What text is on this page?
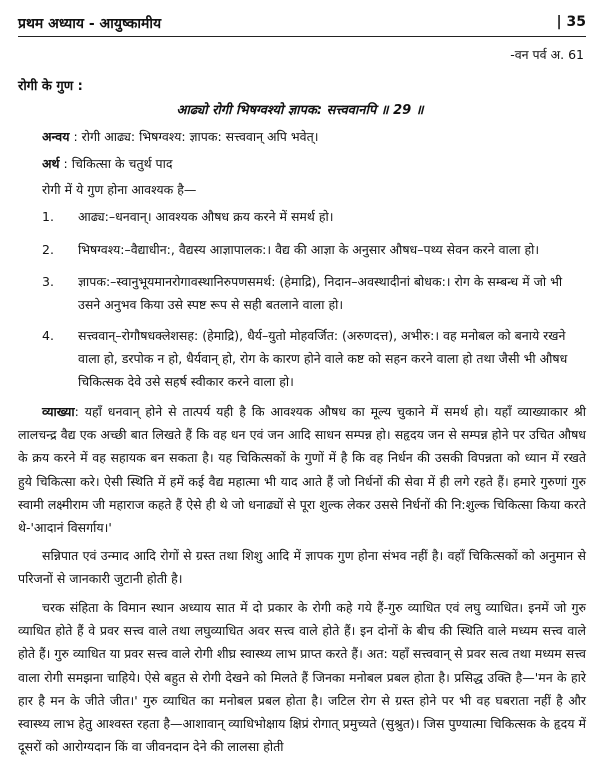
प्रथम अध्याय - आयुष्कामीय	| 35
-वन पर्व अ. 61
रोगी के गुण :
आढ्यो रोगी भिषग्वश्यो ज्ञापक: सत्त्ववानपि ॥ 29 ॥
अन्वय : रोगी आढ्य: भिषग्वश्य: ज्ञापक: सत्त्ववान् अपि भवेत्।
अर्थ : चिकित्सा के चतुर्थ पाद
रोगी में ये गुण होना आवश्यक है—
1. आढ्य:–धनवान्। आवश्यक औषध क्रय करने में समर्थ हो।
2. भिषग्वश्य:–वैद्याधीन:, वैद्यस्य आज्ञापालक:। वैद्य की आज्ञा के अनुसार औषध–पथ्य सेवन करने वाला हो।
3. ज्ञापक:–स्वानुभूयमानरोगावस्थानिरुपणसमर्थ: (हेमाद्रि), निदान–अवस्थादीनां बोधक:। रोग के सम्बन्ध में जो भी उसने अनुभव किया उसे स्पष्ट रूप से सही बतलाने वाला हो।
4. सत्त्ववान्–रोगौषधक्लेशसह: (हेमाद्रि), धैर्य–युतो मोहवर्जित: (अरुणदत्त), अभीरु:। वह मनोबल को बनाये रखने वाला हो, डरपोक न हो, धैर्यवान् हो, रोग के कारण होने वाले कष्ट को सहन करने वाला हो तथा जैसी भी औषध चिकित्सक देवे उसे सहर्ष स्वीकार करने वाला हो।
व्याख्या: यहाँ धनवान् होने से तात्पर्य यही है कि आवश्यक औषध का मूल्य चुकाने में समर्थ हो। यहाँ व्याख्याकार श्री लालचन्द्र वैद्य एक अच्छी बात लिखते हैं कि वह धन एवं जन आदि साधन सम्पन्न हो। सहृदय जन से सम्पन्न होने पर उचित औषध के क्रय करने में वह सहायक बन सकता है। यह चिकित्सकों के गुणों में है कि वह निर्धन की उसकी विपन्नता को ध्यान में रखते हुये चिकित्सा करे। ऐसी स्थिति में हमें कई वैद्य महात्मा भी याद आते हैं जो निर्धनों की सेवा में ही लगे रहते हैं। हमारे गुरुणां गुरु स्वामी लक्ष्मीराम जी महाराज कहते हैं ऐसे ही थे जो धनाढ्यों से पूरा शुल्क लेकर उससे निर्धनों की नि:शुल्क चिकित्सा किया करते थे-'आदानं विसर्गाय।'
सन्निपात एवं उन्माद आदि रोगों से ग्रस्त तथा शिशु आदि में ज्ञापक गुण होना संभव नहीं है। वहाँ चिकित्सकों को अनुमान से परिजनों से जानकारी जुटानी होती है।
चरक संहिता के विमान स्थान अध्याय सात में दो प्रकार के रोगी कहे गये हैं-गुरु व्याधित एवं लघु व्याधित। इनमें जो गुरु व्याधित होते हैं वे प्रवर सत्त्व वाले तथा लघुव्याधित अवर सत्त्व वाले होते हैं। इन दोनों के बीच की स्थिति वाले मध्यम सत्त्व वाले होते हैं। गुरु व्याधित या प्रवर सत्त्व वाले रोगी शीघ्र स्वास्थ्य लाभ प्राप्त करते हैं। अत: यहाँ सत्त्ववान् से प्रवर सत्व तथा मध्यम सत्त्व वाला रोगी समझना चाहिये। ऐसे बहुत से रोगी देखने को मिलते हैं जिनका मनोबल प्रबल होता है। प्रसिद्ध उक्ति है—'मन के हारे हार है मन के जीते जीत।' गुरु व्याधित का मनोबल प्रबल होता है। जटिल रोग से ग्रस्त होने पर भी वह घबराता नहीं है और स्वास्थ्य लाभ हेतु आश्वस्त रहता है—आशावान् व्याधिभोक्षाय क्षिप्रं रोगात् प्रमुच्यते (सुश्रुत)। जिस पुण्यात्मा चिकित्सक के हृदय में दूसरों को आरोग्यदान किं वा जीवनदान देने की लालसा होती
